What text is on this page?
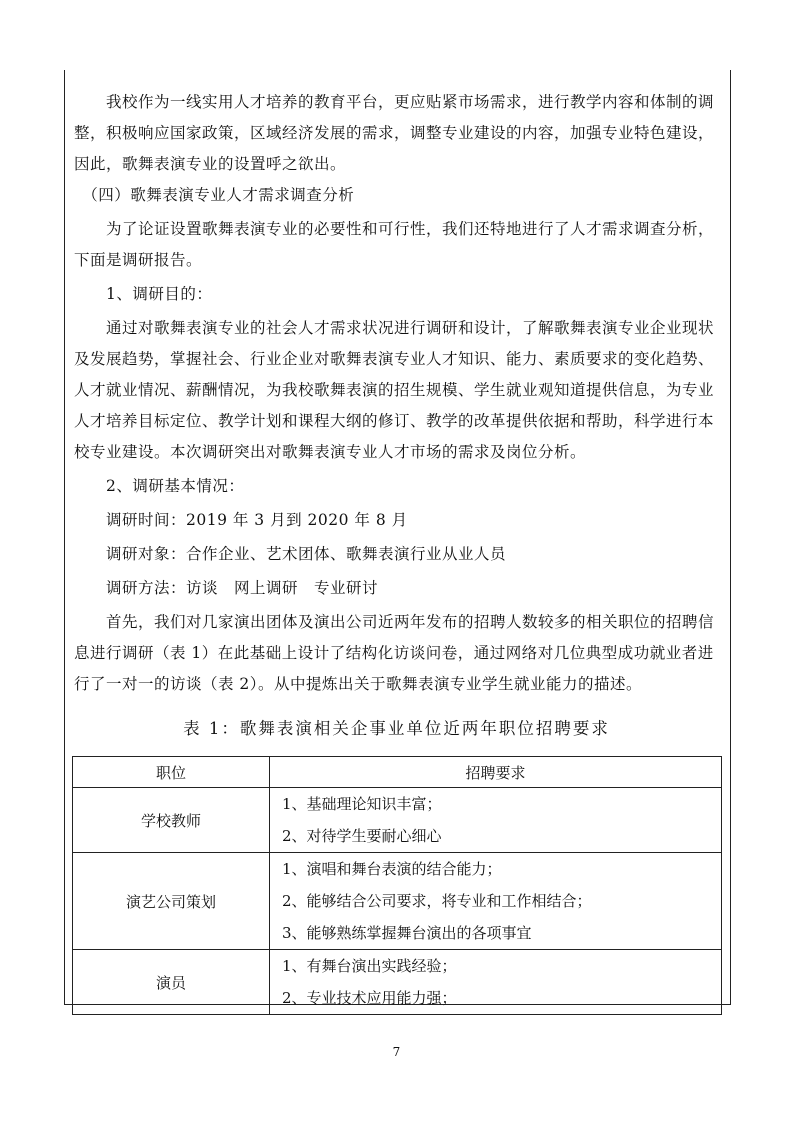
　　我校作为一线实用人才培养的教育平台，更应贴紧市场需求，进行教学内容和体制的调
整，积极响应国家政策，区域经济发展的需求，调整专业建设的内容，加强专业特色建设，
因此，歌舞表演专业的设置呼之欲出。
　（四）歌舞表演专业人才需求调查分析
　　为了论证设置歌舞表演专业的必要性和可行性，我们还特地进行了人才需求调查分析，
下面是调研报告。
　　1、调研目的：
　　通过对歌舞表演专业的社会人才需求状况进行调研和设计，了解歌舞表演专业企业现状
及发展趋势，掌握社会、行业企业对歌舞表演专业人才知识、能力、素质要求的变化趋势、
人才就业情况、薪酬情况，为我校歌舞表演的招生规模、学生就业观知道提供信息，为专业
人才培养目标定位、教学计划和课程大纲的修订、教学的改革提供依据和帮助，科学进行本
校专业建设。本次调研突出对歌舞表演专业人才市场的需求及岗位分析。
　　2、调研基本情况：
　　调研时间：2019 年 3 月到 2020 年 8 月
　　调研对象：合作企业、艺术团体、歌舞表演行业从业人员
　　调研方法：访谈　网上调研　专业研讨
　　首先，我们对几家演出团体及演出公司近两年发布的招聘人数较多的相关职位的招聘信
息进行调研（表 1）在此基础上设计了结构化访谈问卷，通过网络对几位典型成功就业者进
行了一对一的访谈（表 2）。从中提炼出关于歌舞表演专业学生就业能力的描述。
表 1：歌舞表演相关企事业单位近两年职位招聘要求
职位	招聘要求
学校教师	1、基础理论知识丰富；
2、对待学生要耐心细心

演艺公司策划	1、演唱和舞台表演的结合能力；
2、能够结合公司要求，将专业和工作相结合；
3、能够熟练掌握舞台演出的各项事宜

演员	1、有舞台演出实践经验；
2、专业技术应用能力强；
7
